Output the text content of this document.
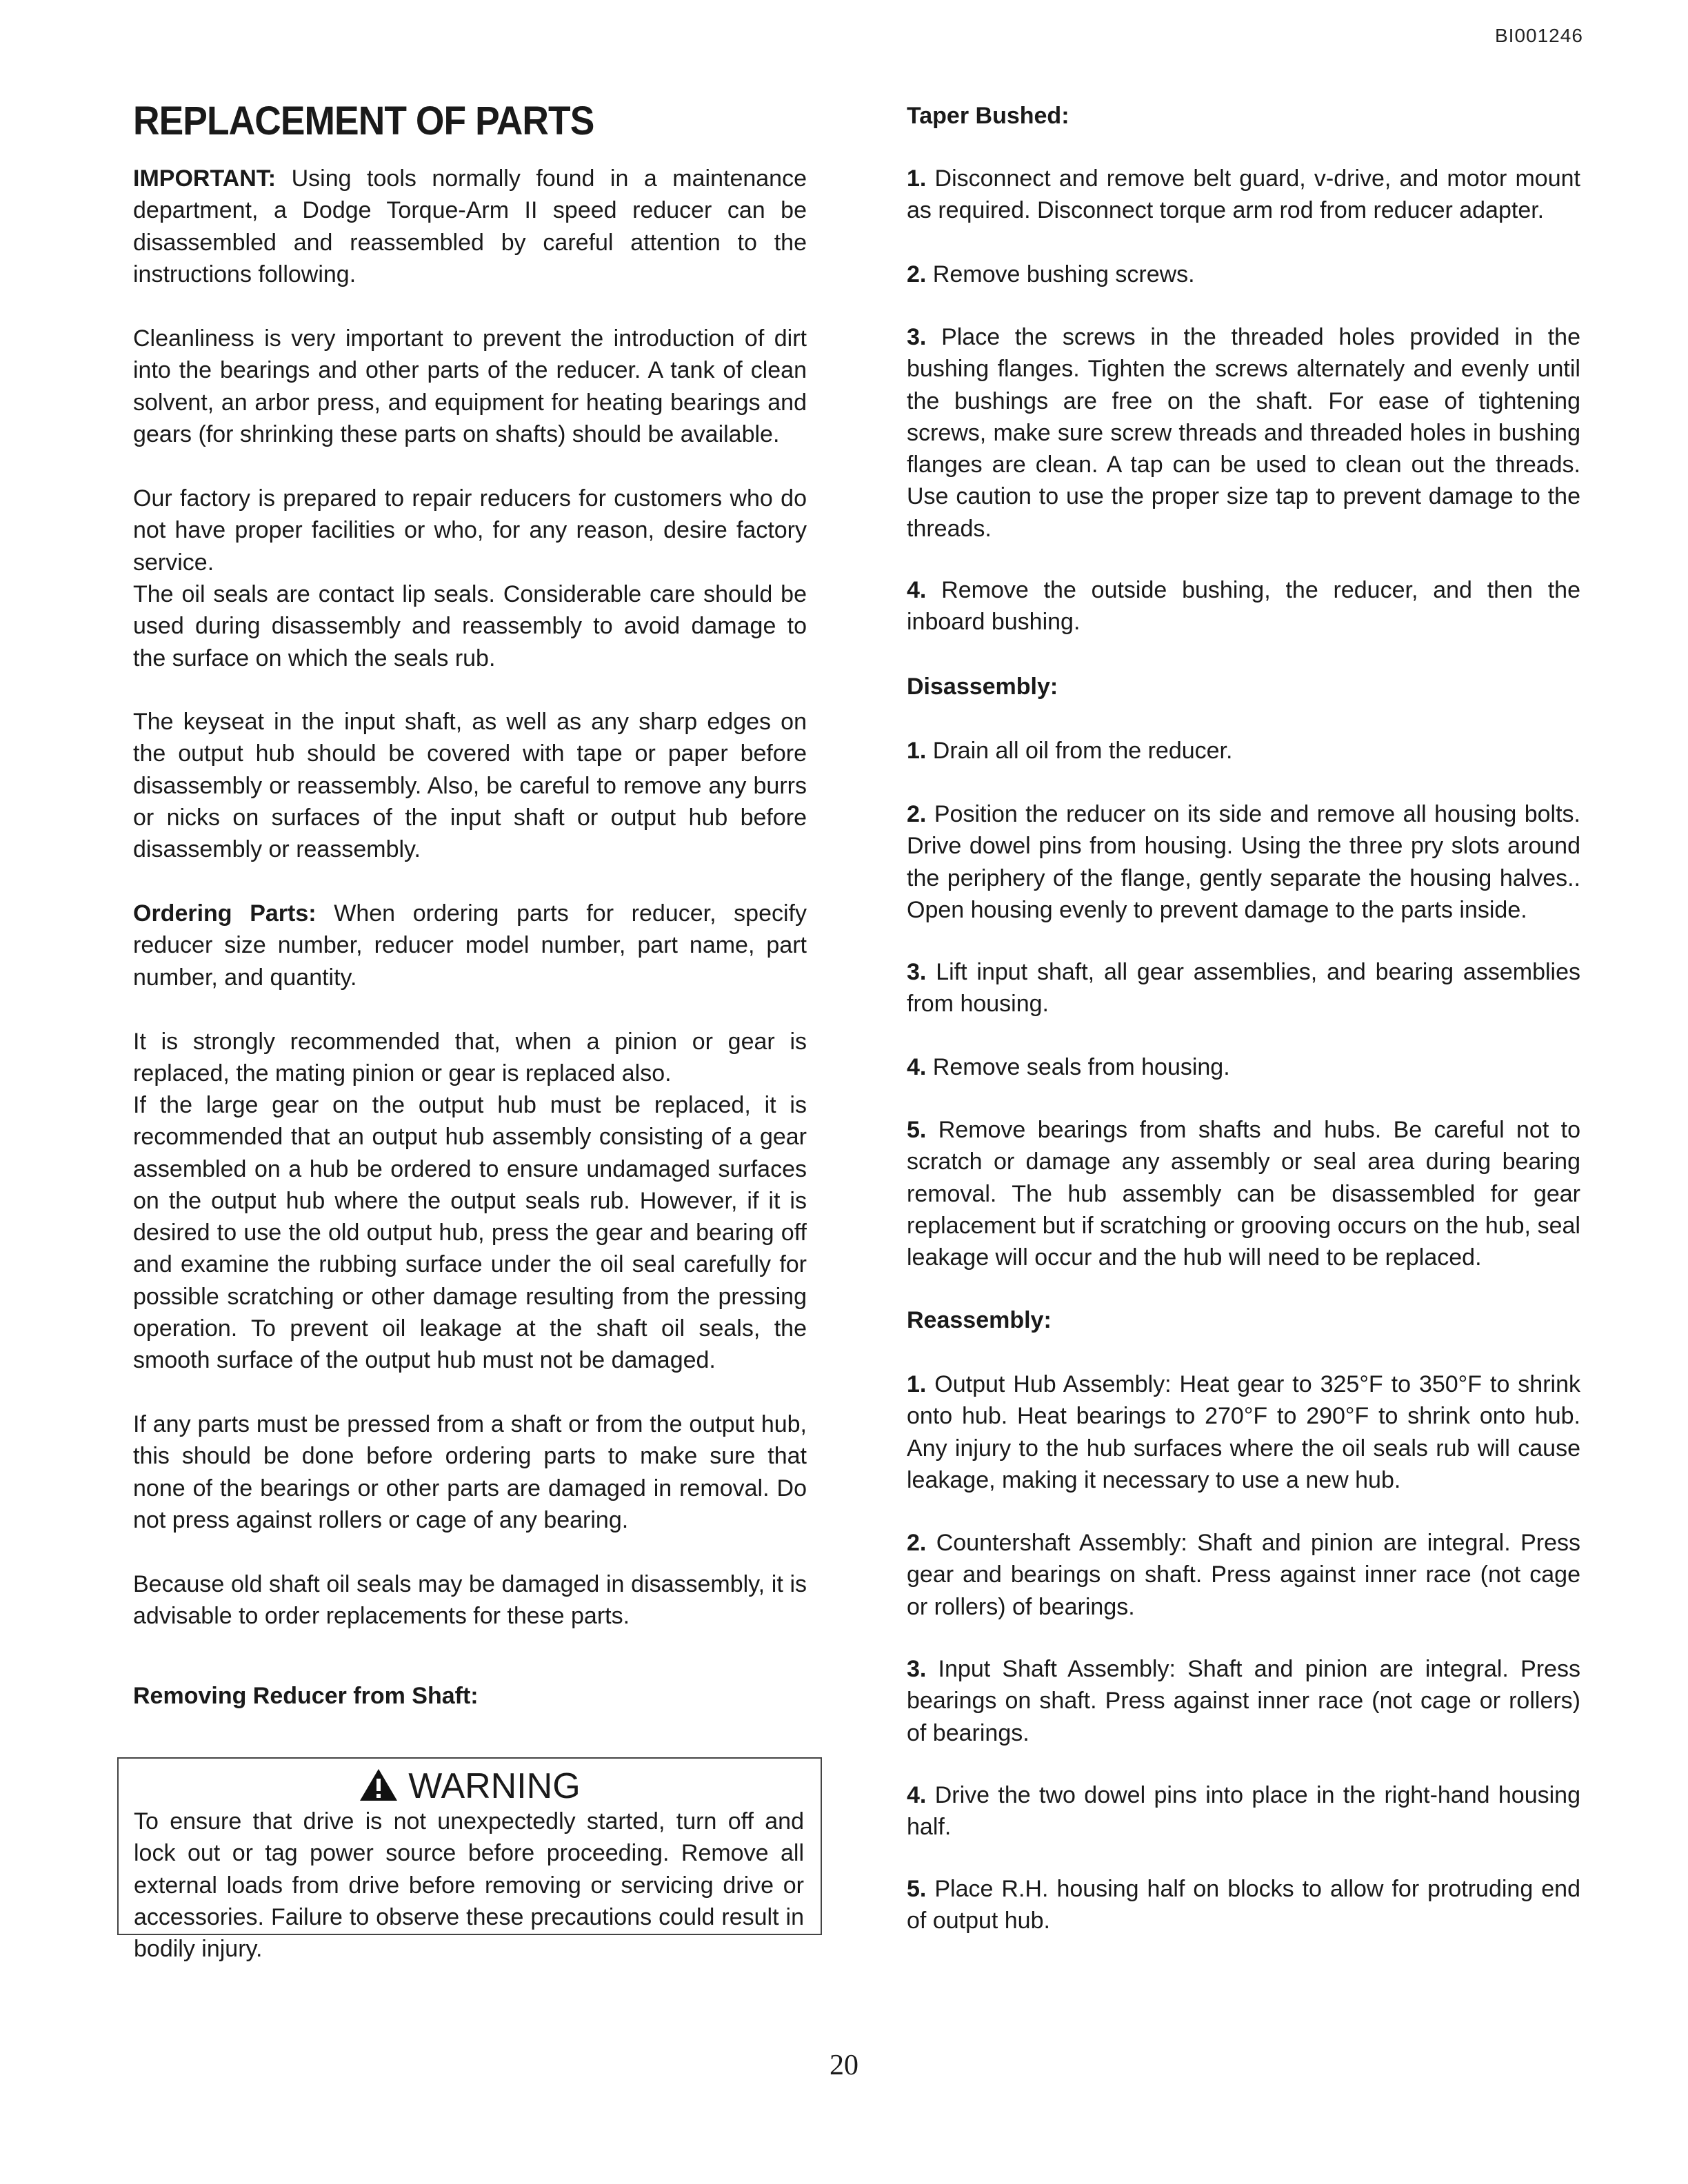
BI001246
REPLACEMENT OF PARTS

IMPORTANT: Using tools normally found in a maintenance department, a Dodge Torque-Arm II speed reducer can be disassembled and reassembled by careful attention to the instructions following.

Cleanliness is very important to prevent the introduction of dirt into the bearings and other parts of the reducer. A tank of clean solvent, an arbor press, and equipment for heating bearings and gears (for shrinking these parts on shafts) should be available.

Our factory is prepared to repair reducers for customers who do not have proper facilities or who, for any reason, desire factory service.

The oil seals are contact lip seals. Considerable care should be used during disassembly and reassembly to avoid damage to the surface on which the seals rub.

The keyseat in the input shaft, as well as any sharp edges on the output hub should be covered with tape or paper before disassembly or reassembly. Also, be careful to remove any burrs or nicks on surfaces of the input shaft or output hub before disassembly or reassembly.

Ordering Parts: When ordering parts for reducer, specify reducer size number, reducer model number, part name, part number, and quantity.

It is strongly recommended that, when a pinion or gear is replaced, the mating pinion or gear is replaced also.

If the large gear on the output hub must be replaced, it is recommended that an output hub assembly consisting of a gear assembled on a hub be ordered to ensure undamaged surfaces on the output hub where the output seals rub. However, if it is desired to use the old output hub, press the gear and bearing off and examine the rubbing surface under the oil seal carefully for possible scratching or other damage resulting from the pressing operation. To prevent oil leakage at the shaft oil seals, the smooth surface of the output hub must not be damaged.

If any parts must be pressed from a shaft or from the output hub, this should be done before ordering parts to make sure that none of the bearings or other parts are damaged in removal. Do not press against rollers or cage of any bearing.

Because old shaft oil seals may be damaged in disassembly, it is advisable to order replacements for these parts.

Removing Reducer from Shaft:
WARNING

To ensure that drive is not unexpectedly started, turn off and lock out or tag power source before proceeding. Remove all external loads from drive before removing or servicing drive or accessories. Failure to observe these precautions could result in bodily injury.

Taper Bushed:

1. Disconnect and remove belt guard, v-drive, and motor mount as required. Disconnect torque arm rod from reducer adapter.

2. Remove bushing screws.

3. Place the screws in the threaded holes provided in the bushing flanges. Tighten the screws alternately and evenly until the bushings are free on the shaft. For ease of tightening screws, make sure screw threads and threaded holes in bushing flanges are clean. A tap can be used to clean out the threads. Use caution to use the proper size tap to prevent damage to the threads.

4. Remove the outside bushing, the reducer, and then the inboard bushing.

Disassembly:

1. Drain all oil from the reducer.

2. Position the reducer on its side and remove all housing bolts. Drive dowel pins from housing. Using the three pry slots around the periphery of the flange, gently separate the housing halves.. Open housing evenly to prevent damage to the parts inside.

3. Lift input shaft, all gear assemblies, and bearing assemblies from housing.

4. Remove seals from housing.

5. Remove bearings from shafts and hubs. Be careful not to scratch or damage any assembly or seal area during bearing removal. The hub assembly can be disassembled for gear replacement but if scratching or grooving occurs on the hub, seal leakage will occur and the hub will need to be replaced.

Reassembly:

1. Output Hub Assembly: Heat gear to 325°F to 350°F to shrink onto hub. Heat bearings to 270°F to 290°F to shrink onto hub. Any injury to the hub surfaces where the oil seals rub will cause leakage, making it necessary to use a new hub.

2. Countershaft Assembly: Shaft and pinion are integral. Press gear and bearings on shaft. Press against inner race (not cage or rollers) of bearings.

3. Input Shaft Assembly: Shaft and pinion are integral. Press bearings on shaft. Press against inner race (not cage or rollers) of bearings.

4. Drive the two dowel pins into place in the right-hand housing half.

5. Place R.H. housing half on blocks to allow for protruding end of output hub.

20
